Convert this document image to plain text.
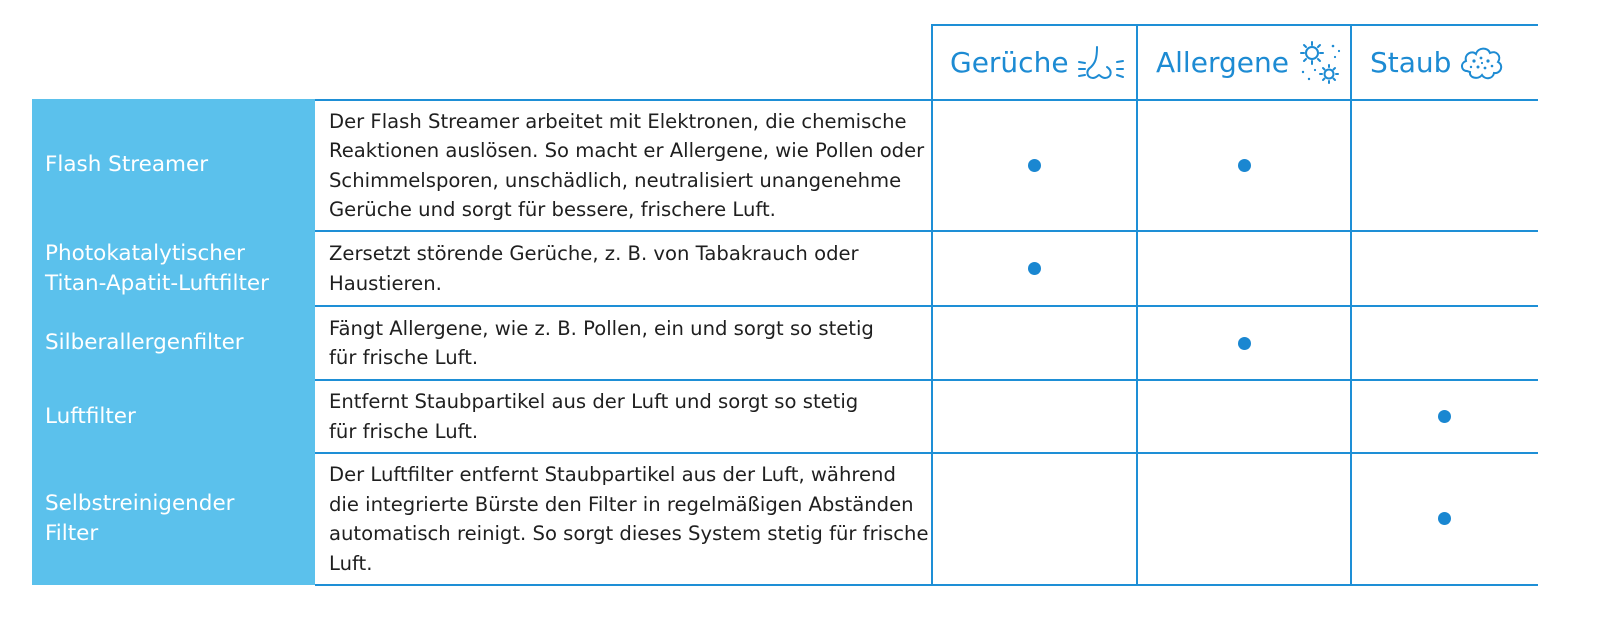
Gerüche	Allergene	Staub
Flash Streamer
Photokatalytischer
Titan-Apatit-Luftfilter
Silberallergenfilter
Luftfilter
Selbstreinigender
Filter
Der Flash Streamer arbeitet mit Elektronen, die chemische
Reaktionen auslösen. So macht er Allergene, wie Pollen oder
Schimmelsporen, unschädlich, neutralisiert unangenehme
Gerüche und sorgt für bessere, frischere Luft.
Zersetzt störende Gerüche, z. B. von Tabakrauch oder
Haustieren.
Fängt Allergene, wie z. B. Pollen, ein und sorgt so stetig
für frische Luft.
Entfernt Staubpartikel aus der Luft und sorgt so stetig
für frische Luft.
Der Luftfilter entfernt Staubpartikel aus der Luft, während
die integrierte Bürste den Filter in regelmäßigen Abständen
automatisch reinigt. So sorgt dieses System stetig für frische
Luft.
